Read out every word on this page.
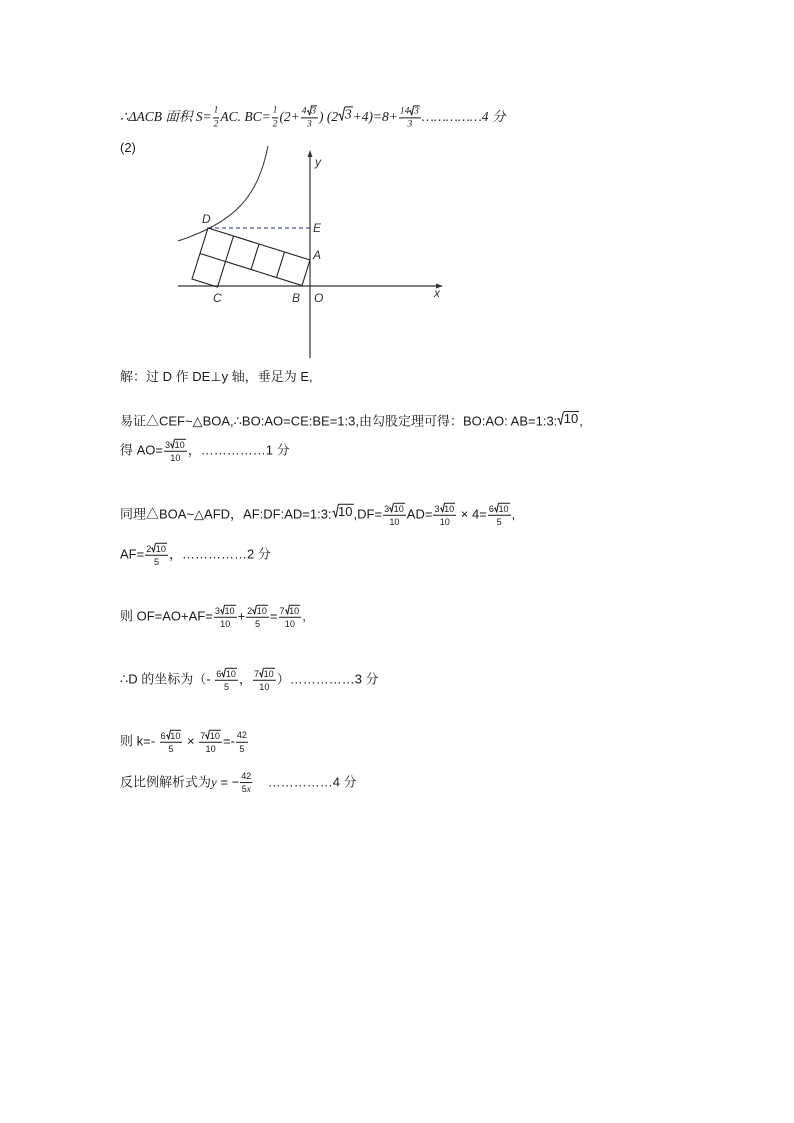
∴ΔACB 面积 $S= \frac{1}{2}$ AC. $BC= \frac{1}{2} (2+ \frac{4 3}{3}$ ) (2 $3 +4)=8+ \frac{14 3}{3}$ ……………4 分
(2)
D
E
A
C	B O
y
x
解：过 D 作 DE⊥y 轴，垂足为 E,
易证△CEF~△BOA,∴BO:AO=CE:BE=1:3,由勾股定理可得：BO:AO: AB=1:3: 10 ,
得 $AO= \frac{3 10}{10}$ ，……………1 分
同理△BOA~△AFD，AF:DF:AD=1:3: 10 $,DF= \frac{3 10}{10} AD= \frac{3 10}{10} \times 4= \frac{6 10}{5}$ ,
$AF= \frac{2 10}{5}$ ，……………2 分
则 $OF=AO+AF= \frac{3 10}{10} + \frac{2 10}{5} = \frac{7 10}{10}$ ,
∴D 的坐标为（- $\frac{6 10}{5}$ ， $\frac{7 10}{10}$ ）……………3 分
则 $k=- \frac{6 10}{5} \times \frac{7 10}{10} =- \frac{42}{5}$
反比例解析式为y = − $\frac{42}{5 x}$ ……………4 分
